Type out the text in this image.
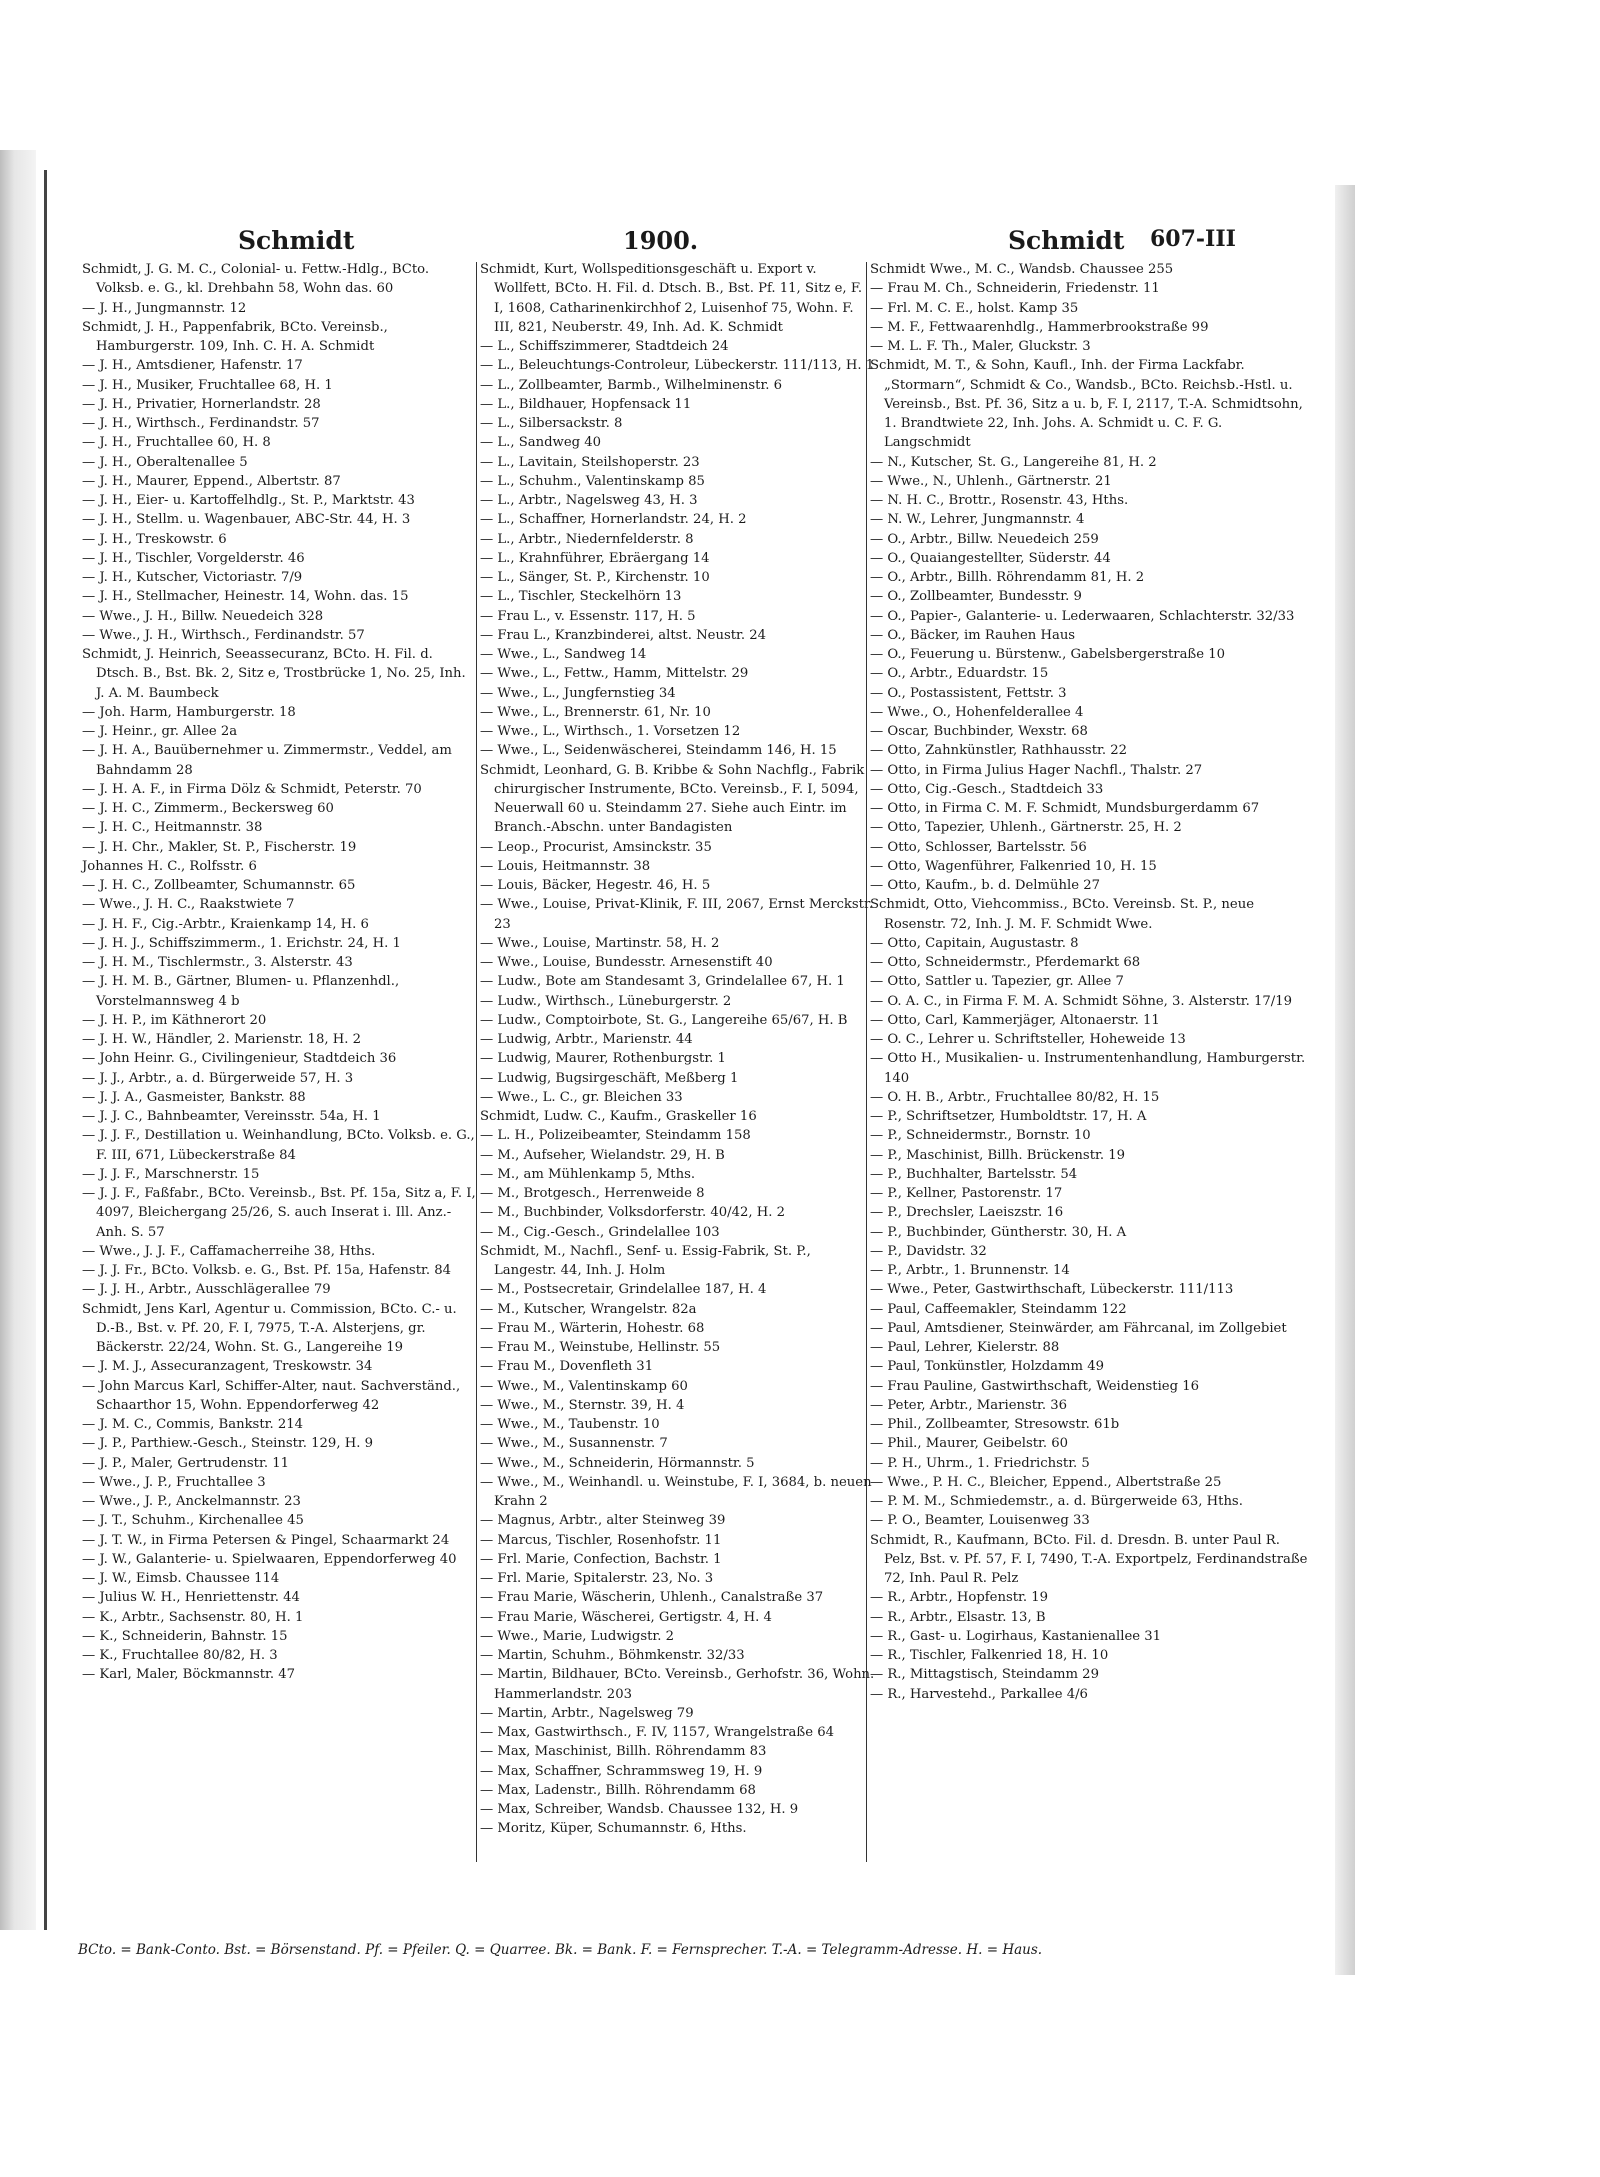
Schmidt	1900.	Schmidt 607-III
Schmidt, J. G. M. C., Colonial- u. Fettw.-Hdlg., BCto. Volksb. e. G., kl. Drehbahn 58, Wohn das. 60
— J. H., Jungmannstr. 12
Schmidt, J. H., Pappenfabrik, BCto. Vereinsb., Hamburgerstr. 109, Inh. C. H. A. Schmidt
— J. H., Amtsdiener, Hafenstr. 17
— J. H., Musiker, Fruchtallee 68, H. 1
— J. H., Privatier, Hornerlandstr. 28
— J. H., Wirthsch., Ferdinandstr. 57
— J. H., Fruchtallee 60, H. 8
— J. H., Oberaltenallee 5
— J. H., Maurer, Eppend., Albertstr. 87
— J. H., Eier- u. Kartoffelhdlg., St. P., Marktstr. 43
— J. H., Stellm. u. Wagenbauer, ABC-Str. 44, H. 3
— J. H., Treskowstr. 6
— J. H., Tischler, Vorgelderstr. 46
— J. H., Kutscher, Victoriastr. 7/9
— J. H., Stellmacher, Heinestr. 14, Wohn. das. 15
— Wwe., J. H., Billw. Neuedeich 328
— Wwe., J. H., Wirthsch., Ferdinandstr. 57
Schmidt, J. Heinrich, Seeassecuranz, BCto. H. Fil. d. Dtsch. B., Bst. Bk. 2, Sitz e, Trostbrücke 1, No. 25, Inh. J. A. M. Baumbeck
— Joh. Harm, Hamburgerstr. 18
— J. Heinr., gr. Allee 2a
— J. H. A., Bauübernehmer u. Zimmermstr., Veddel, am Bahndamm 28
— J. H. A. F., in Firma Dölz & Schmidt, Peterstr. 70
— J. H. C., Zimmerm., Beckersweg 60
— J. H. C., Heitmannstr. 38
— J. H. Chr., Makler, St. P., Fischerstr. 19
Johannes H. C., Rolfsstr. 6
— J. H. C., Zollbeamter, Schumannstr. 65
— Wwe., J. H. C., Raakstwiete 7
— J. H. F., Cig.-Arbtr., Kraienkamp 14, H. 6
— J. H. J., Schiffszimmerm., 1. Erichstr. 24, H. 1
— J. H. M., Tischlermstr., 3. Alsterstr. 43
— J. H. M. B., Gärtner, Blumen- u. Pflanzenhdl., Vorstelmannsweg 4 b
— J. H. P., im Käthnerort 20
— J. H. W., Händler, 2. Marienstr. 18, H. 2
— John Heinr. G., Civilingenieur, Stadtdeich 36
— J. J., Arbtr., a. d. Bürgerweide 57, H. 3
— J. J. A., Gasmeister, Bankstr. 88
— J. J. C., Bahnbeamter, Vereinsstr. 54a, H. 1
— J. J. F., Destillation u. Weinhandlung, BCto. Volksb. e. G., F. III, 671, Lübeckerstraße 84
— J. J. F., Marschnerstr. 15
— J. J. F., Faßfabr., BCto. Vereinsb., Bst. Pf. 15a, Sitz a, F. I, 4097, Bleichergang 25/26, S. auch Inserat i. Ill. Anz.-Anh. S. 57
— Wwe., J. J. F., Caffamacherreihe 38, Hths.
— J. J. Fr., BCto. Volksb. e. G., Bst. Pf. 15a, Hafenstr. 84
— J. J. H., Arbtr., Ausschlägerallee 79
Schmidt, Jens Karl, Agentur u. Commission, BCto. C.- u. D.-B., Bst. v. Pf. 20, F. I, 7975, T.-A. Alsterjens, gr. Bäckerstr. 22/24, Wohn. St. G., Langereihe 19
— J. M. J., Assecuranzagent, Treskowstr. 34
— John Marcus Karl, Schiffer-Alter, naut. Sachverständ., Schaarthor 15, Wohn. Eppendorferweg 42
— J. M. C., Commis, Bankstr. 214
— J. P., Parthiew.-Gesch., Steinstr. 129, H. 9
— J. P., Maler, Gertrudenstr. 11
— Wwe., J. P., Fruchtallee 3
— Wwe., J. P., Anckelmannstr. 23
— J. T., Schuhm., Kirchenallee 45
— J. T. W., in Firma Petersen & Pingel, Schaarmarkt 24
— J. W., Galanterie- u. Spielwaaren, Eppendorferweg 40
— J. W., Eimsb. Chaussee 114
— Julius W. H., Henriettenstr. 44
— K., Arbtr., Sachsenstr. 80, H. 1
— K., Schneiderin, Bahnstr. 15
— K., Fruchtallee 80/82, H. 3
— Karl, Maler, Böckmannstr. 47
Schmidt, Kurt, Wollspeditionsgeschäft u. Export v. Wollfett, BCto. H. Fil. d. Dtsch. B., Bst. Pf. 11, Sitz e, F. I, 1608, Catharinenkirchhof 2, Luisenhof 75, Wohn. F. III, 821, Neuberstr. 49, Inh. Ad. K. Schmidt
— L., Schiffszimmerer, Stadtdeich 24
— L., Beleuchtungs-Controleur, Lübeckerstr. 111/113, H. 1
— L., Zollbeamter, Barmb., Wilhelminenstr. 6
— L., Bildhauer, Hopfensack 11
— L., Silbersackstr. 8
— L., Sandweg 40
— L., Lavitain, Steilshoperstr. 23
— L., Schuhm., Valentinskamp 85
— L., Arbtr., Nagelsweg 43, H. 3
— L., Schaffner, Hornerlandstr. 24, H. 2
— L., Arbtr., Niedernfelderstr. 8
— L., Krahnführer, Ebräergang 14
— L., Sänger, St. P., Kirchenstr. 10
— L., Tischler, Steckelhörn 13
— Frau L., v. Essenstr. 117, H. 5
— Frau L., Kranzbinderei, altst. Neustr. 24
— Wwe., L., Sandweg 14
— Wwe., L., Fettw., Hamm, Mittelstr. 29
— Wwe., L., Jungfernstieg 34
— Wwe., L., Brennerstr. 61, Nr. 10
— Wwe., L., Wirthsch., 1. Vorsetzen 12
— Wwe., L., Seidenwäscherei, Steindamm 146, H. 15
Schmidt, Leonhard, G. B. Kribbe & Sohn Nachflg., Fabrik chirurgischer Instrumente, BCto. Vereinsb., F. I, 5094, Neuerwall 60 u. Steindamm 27. Siehe auch Eintr. im Branch.-Abschn. unter Bandagisten
— Leop., Procurist, Amsinckstr. 35
— Louis, Heitmannstr. 38
— Louis, Bäcker, Hegestr. 46, H. 5
— Wwe., Louise, Privat-Klinik, F. III, 2067, Ernst Merckstr. 23
— Wwe., Louise, Martinstr. 58, H. 2
— Wwe., Louise, Bundesstr. Arnesenstift 40
— Ludw., Bote am Standesamt 3, Grindelallee 67, H. 1
— Ludw., Wirthsch., Lüneburgerstr. 2
— Ludw., Comptoirbote, St. G., Langereihe 65/67, H. B
— Ludwig, Arbtr., Marienstr. 44
— Ludwig, Maurer, Rothenburgstr. 1
— Ludwig, Bugsirgeschäft, Meßberg 1
— Wwe., L. C., gr. Bleichen 33
Schmidt, Ludw. C., Kaufm., Graskeller 16
— L. H., Polizeibeamter, Steindamm 158
— M., Aufseher, Wielandstr. 29, H. B
— M., am Mühlenkamp 5, Mths.
— M., Brotgesch., Herrenweide 8
— M., Buchbinder, Volksdorferstr. 40/42, H. 2
— M., Cig.-Gesch., Grindelallee 103
Schmidt, M., Nachfl., Senf- u. Essig-Fabrik, St. P., Langestr. 44, Inh. J. Holm
— M., Postsecretair, Grindelallee 187, H. 4
— M., Kutscher, Wrangelstr. 82a
— Frau M., Wärterin, Hohestr. 68
— Frau M., Weinstube, Hellinstr. 55
— Frau M., Dovenfleth 31
— Wwe., M., Valentinskamp 60
— Wwe., M., Sternstr. 39, H. 4
— Wwe., M., Taubenstr. 10
— Wwe., M., Susannenstr. 7
— Wwe., M., Schneiderin, Hörmannstr. 5
— Wwe., M., Weinhandl. u. Weinstube, F. I, 3684, b. neuen Krahn 2
— Magnus, Arbtr., alter Steinweg 39
— Marcus, Tischler, Rosenhofstr. 11
— Frl. Marie, Confection, Bachstr. 1
— Frl. Marie, Spitalerstr. 23, No. 3
— Frau Marie, Wäscherin, Uhlenh., Canalstraße 37
— Frau Marie, Wäscherei, Gertigstr. 4, H. 4
— Wwe., Marie, Ludwigstr. 2
— Martin, Schuhm., Böhmkenstr. 32/33
— Martin, Bildhauer, BCto. Vereinsb., Gerhofstr. 36, Wohn. Hammerlandstr. 203
— Martin, Arbtr., Nagelsweg 79
— Max, Gastwirthsch., F. IV, 1157, Wrangelstraße 64
— Max, Maschinist, Billh. Röhrendamm 83
— Max, Schaffner, Schrammsweg 19, H. 9
— Max, Ladenstr., Billh. Röhrendamm 68
— Max, Schreiber, Wandsb. Chaussee 132, H. 9
— Moritz, Küper, Schumannstr. 6, Hths.
Schmidt Wwe., M. C., Wandsb. Chaussee 255
— Frau M. Ch., Schneiderin, Friedenstr. 11
— Frl. M. C. E., holst. Kamp 35
— M. F., Fettwaarenhdlg., Hammerbrookstraße 99
— M. L. F. Th., Maler, Gluckstr. 3
Schmidt, M. T., & Sohn, Kaufl., Inh. der Firma Lackfabr. „Stormarn“, Schmidt & Co., Wandsb., BCto. Reichsb.-Hstl. u. Vereinsb., Bst. Pf. 36, Sitz a u. b, F. I, 2117, T.-A. Schmidtsohn, 1. Brandtwiete 22, Inh. Johs. A. Schmidt u. C. F. G. Langschmidt
— N., Kutscher, St. G., Langereihe 81, H. 2
— Wwe., N., Uhlenh., Gärtnerstr. 21
— N. H. C., Brottr., Rosenstr. 43, Hths.
— N. W., Lehrer, Jungmannstr. 4
— O., Arbtr., Billw. Neuedeich 259
— O., Quaiangestellter, Süderstr. 44
— O., Arbtr., Billh. Röhrendamm 81, H. 2
— O., Zollbeamter, Bundesstr. 9
— O., Papier-, Galanterie- u. Lederwaaren, Schlachterstr. 32/33
— O., Bäcker, im Rauhen Haus
— O., Feuerung u. Bürstenw., Gabelsbergerstraße 10
— O., Arbtr., Eduardstr. 15
— O., Postassistent, Fettstr. 3
— Wwe., O., Hohenfelderallee 4
— Oscar, Buchbinder, Wexstr. 68
— Otto, Zahnkünstler, Rathhausstr. 22
— Otto, in Firma Julius Hager Nachfl., Thalstr. 27
— Otto, Cig.-Gesch., Stadtdeich 33
— Otto, in Firma C. M. F. Schmidt, Mundsburgerdamm 67
— Otto, Tapezier, Uhlenh., Gärtnerstr. 25, H. 2
— Otto, Schlosser, Bartelsstr. 56
— Otto, Wagenführer, Falkenried 10, H. 15
— Otto, Kaufm., b. d. Delmühle 27
Schmidt, Otto, Viehcommiss., BCto. Vereinsb. St. P., neue Rosenstr. 72, Inh. J. M. F. Schmidt Wwe.
— Otto, Capitain, Augustastr. 8
— Otto, Schneidermstr., Pferdemarkt 68
— Otto, Sattler u. Tapezier, gr. Allee 7
— O. A. C., in Firma F. M. A. Schmidt Söhne, 3. Alsterstr. 17/19
— Otto, Carl, Kammerjäger, Altonaerstr. 11
— O. C., Lehrer u. Schriftsteller, Hoheweide 13
— Otto H., Musikalien- u. Instrumentenhandlung, Hamburgerstr. 140
— O. H. B., Arbtr., Fruchtallee 80/82, H. 15
— P., Schriftsetzer, Humboldtstr. 17, H. A
— P., Schneidermstr., Bornstr. 10
— P., Maschinist, Billh. Brückenstr. 19
— P., Buchhalter, Bartelsstr. 54
— P., Kellner, Pastorenstr. 17
— P., Drechsler, Laeiszstr. 16
— P., Buchbinder, Güntherstr. 30, H. A
— P., Davidstr. 32
— P., Arbtr., 1. Brunnenstr. 14
— Wwe., Peter, Gastwirthschaft, Lübeckerstr. 111/113
— Paul, Caffeemakler, Steindamm 122
— Paul, Amtsdiener, Steinwärder, am Fährcanal, im Zollgebiet
— Paul, Lehrer, Kielerstr. 88
— Paul, Tonkünstler, Holzdamm 49
— Frau Pauline, Gastwirthschaft, Weidenstieg 16
— Peter, Arbtr., Marienstr. 36
— Phil., Zollbeamter, Stresowstr. 61b
— Phil., Maurer, Geibelstr. 60
— P. H., Uhrm., 1. Friedrichstr. 5
— Wwe., P. H. C., Bleicher, Eppend., Albertstraße 25
— P. M. M., Schmiedemstr., a. d. Bürgerweide 63, Hths.
— P. O., Beamter, Louisenweg 33
Schmidt, R., Kaufmann, BCto. Fil. d. Dresdn. B. unter Paul R. Pelz, Bst. v. Pf. 57, F. I, 7490, T.-A. Exportpelz, Ferdinandstraße 72, Inh. Paul R. Pelz
— R., Arbtr., Hopfenstr. 19
— R., Arbtr., Elsastr. 13, B
— R., Gast- u. Logirhaus, Kastanienallee 31
— R., Tischler, Falkenried 18, H. 10
— R., Mittagstisch, Steindamm 29
— R., Harvestehd., Parkallee 4/6
BCto. = Bank-Conto. Bst. = Börsenstand. Pf. = Pfeiler. Q. = Quarree. Bk. = Bank. F. = Fernsprecher. T.-A. = Telegramm-Adresse. H. = Haus.
